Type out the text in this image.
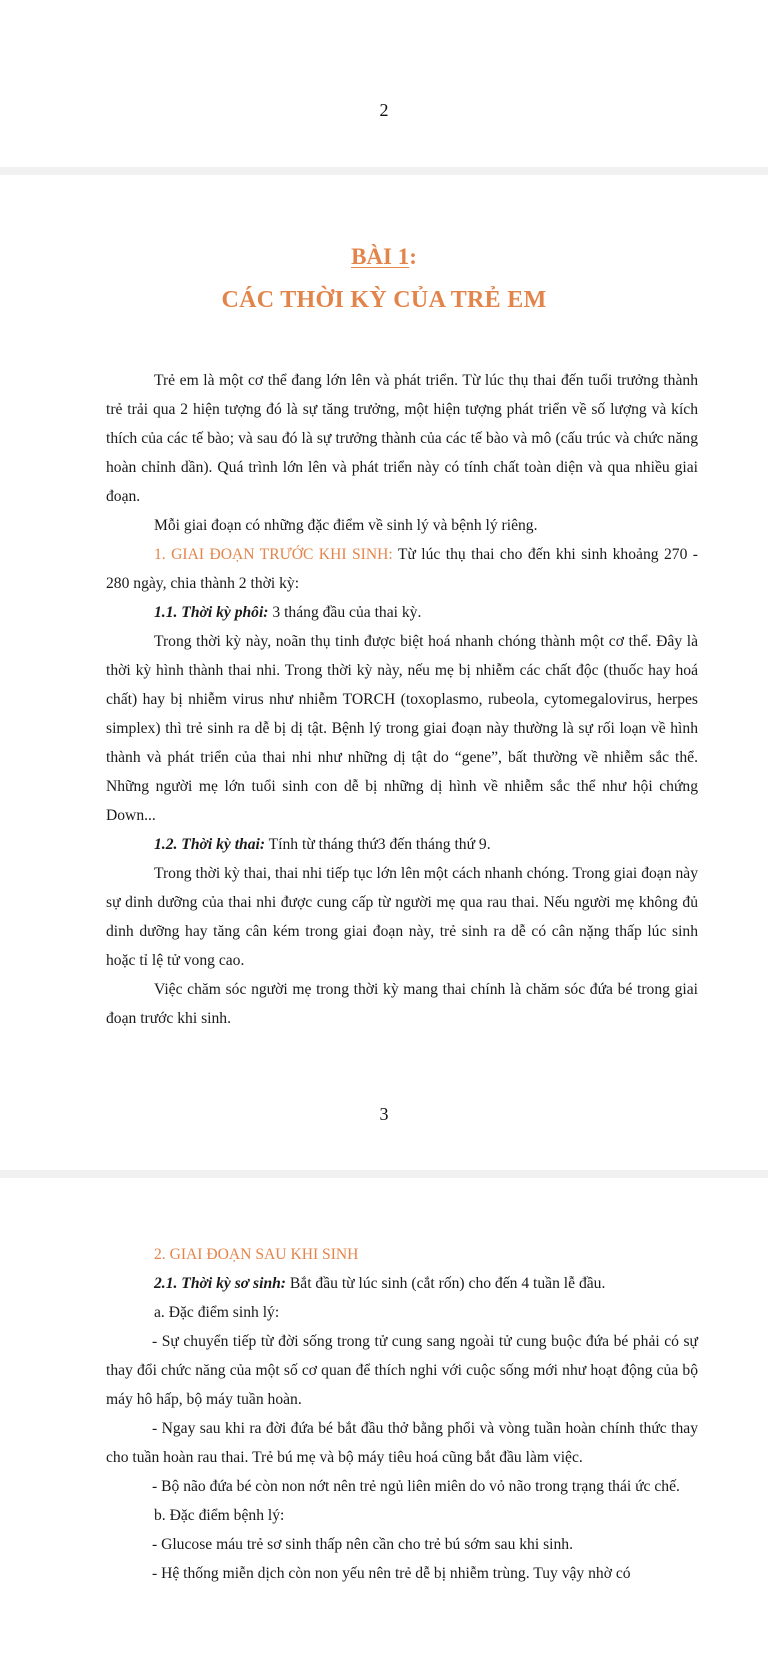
2
BÀI 1:
CÁC THỜI KỲ CỦA TRẺ EM

Trẻ em là một cơ thể đang lớn lên và phát triển. Từ lúc thụ thai đến tuổi trưởng thành trẻ trải qua 2 hiện tượng đó là sự tăng trưởng, một hiện tượng phát triển về số lượng và kích thích của các tế bào; và sau đó là sự trưởng thành của các tế bào và mô (cấu trúc và chức năng hoàn chỉnh dần). Quá trình lớn lên và phát triển này có tính chất toàn diện và qua nhiều giai đoạn.

Mỗi giai đoạn có những đặc điểm về sinh lý và bệnh lý riêng.

1. GIAI ĐOẠN TRƯỚC KHI SINH: Từ lúc thụ thai cho đến khi sinh khoảng 270 - 280 ngày, chia thành 2 thời kỳ:

1.1. Thời kỳ phôi: 3 tháng đầu của thai kỳ.

Trong thời kỳ này, noãn thụ tinh được biệt hoá nhanh chóng thành một cơ thể. Đây là thời kỳ hình thành thai nhi. Trong thời kỳ này, nếu mẹ bị nhiễm các chất độc (thuốc hay hoá chất) hay bị nhiễm virus như nhiễm TORCH (toxoplasmo, rubeola, cytomegalovirus, herpes simplex) thì trẻ sinh ra dễ bị dị tật. Bệnh lý trong giai đoạn này thường là sự rối loạn về hình thành và phát triển của thai nhi như những dị tật do “gene”, bất thường về nhiễm sắc thể. Những người mẹ lớn tuổi sinh con dễ bị những dị hình về nhiễm sắc thể như hội chứng Down...

1.2. Thời kỳ thai: Tính từ tháng thứ3 đến tháng thứ 9.

Trong thời kỳ thai, thai nhi tiếp tục lớn lên một cách nhanh chóng. Trong giai đoạn này sự dinh dưỡng của thai nhi được cung cấp từ người mẹ qua rau thai. Nếu người mẹ không đủ dinh dưỡng hay tăng cân kém trong giai đoạn này, trẻ sinh ra dễ có cân nặng thấp lúc sinh hoặc tỉ lệ tử vong cao.

Việc chăm sóc người mẹ trong thời kỳ mang thai chính là chăm sóc đứa bé trong giai đoạn trước khi sinh.

3

2. GIAI ĐOẠN SAU KHI SINH

2.1. Thời kỳ sơ sinh: Bắt đầu từ lúc sinh (cắt rốn) cho đến 4 tuần lễ đầu.

a. Đặc điểm sinh lý:

- Sự chuyển tiếp từ đời sống trong tử cung sang ngoài tử cung buộc đứa bé phải có sự thay đổi chức năng của một số cơ quan để thích nghi với cuộc sống mới như hoạt động của bộ máy hô hấp, bộ máy tuần hoàn.

- Ngay sau khi ra đời đứa bé bắt đầu thở bằng phổi và vòng tuần hoàn chính thức thay cho tuần hoàn rau thai. Trẻ bú mẹ và bộ máy tiêu hoá cũng bắt đầu làm việc.

- Bộ não đứa bé còn non nớt nên trẻ ngủ liên miên do vỏ não trong trạng thái ức chế.

b. Đặc điểm bệnh lý:

- Glucose máu trẻ sơ sinh thấp nên cần cho trẻ bú sớm sau khi sinh.

- Hệ thống miễn dịch còn non yếu nên trẻ dễ bị nhiễm trùng. Tuy vậy nhờ có
